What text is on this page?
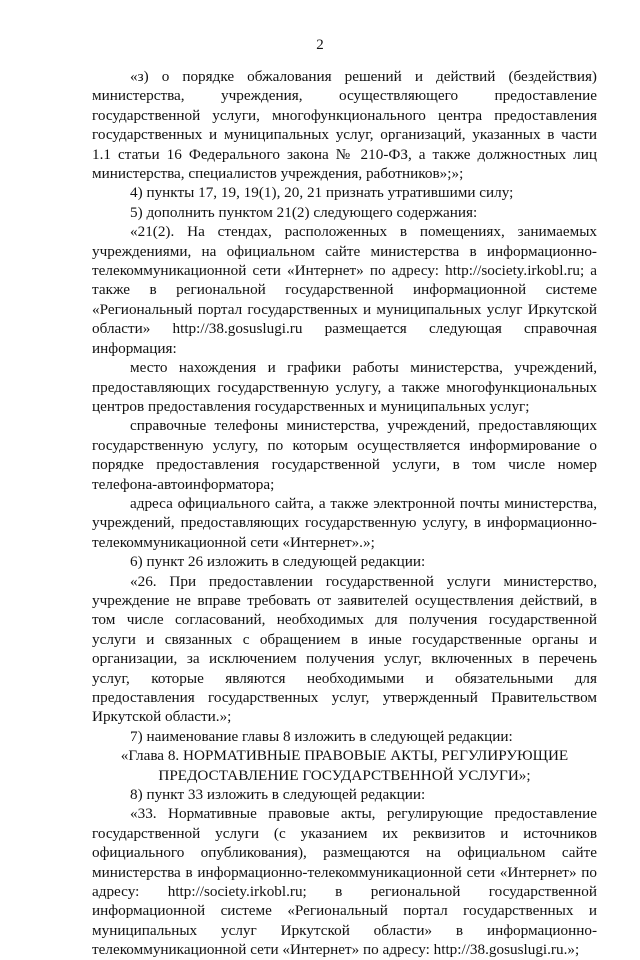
2

«з) о порядке обжалования решений и действий (бездействия) министерства, учреждения, осуществляющего предоставление государственной услуги, многофункционального центра предоставления государственных и муниципальных услуг, организаций, указанных в части 1.1 статьи 16 Федерального закона № 210-ФЗ, а также должностных лиц министерства, специалистов учреждения, работников»;»;

4) пункты 17, 19, 19(1), 20, 21 признать утратившими силу;

5) дополнить пунктом 21(2) следующего содержания:

«21(2). На стендах, расположенных в помещениях, занимаемых учреждениями, на официальном сайте министерства в информационно-телекоммуникационной сети «Интернет» по адресу: http://society.irkobl.ru; а также в региональной государственной информационной системе «Региональный портал государственных и муниципальных услуг Иркутской области» http://38.gosuslugi.ru размещается следующая справочная информация:

место нахождения и графики работы министерства, учреждений, предоставляющих государственную услугу, а также многофункциональных центров предоставления государственных и муниципальных услуг;

справочные телефоны министерства, учреждений, предоставляющих государственную услугу, по которым осуществляется информирование о порядке предоставления государственной услуги, в том числе номер телефона-автоинформатора;

адреса официального сайта, а также электронной почты министерства, учреждений, предоставляющих государственную услугу, в информационно-телекоммуникационной сети «Интернет».»;

6) пункт 26 изложить в следующей редакции:

«26. При предоставлении государственной услуги министерство, учреждение не вправе требовать от заявителей осуществления действий, в том числе согласований, необходимых для получения государственной услуги и связанных с обращением в иные государственные органы и организации, за исключением получения услуг, включенных в перечень услуг, которые являются необходимыми и обязательными для предоставления государственных услуг, утвержденный Правительством Иркутской области.»;

7) наименование главы 8 изложить в следующей редакции:

«Глава 8. НОРМАТИВНЫЕ ПРАВОВЫЕ АКТЫ, РЕГУЛИРУЮЩИЕ ПРЕДОСТАВЛЕНИЕ ГОСУДАРСТВЕННОЙ УСЛУГИ»;

8) пункт 33 изложить в следующей редакции:

«33. Нормативные правовые акты, регулирующие предоставление государственной услуги (с указанием их реквизитов и источников официального опубликования), размещаются на официальном сайте министерства в информационно-телекоммуникационной сети «Интернет» по адресу: http://society.irkobl.ru; в региональной государственной информационной системе «Региональный портал государственных и муниципальных услуг Иркутской области» в информационно-телекоммуникационной сети «Интернет» по адресу: http://38.gosuslugi.ru.»;
